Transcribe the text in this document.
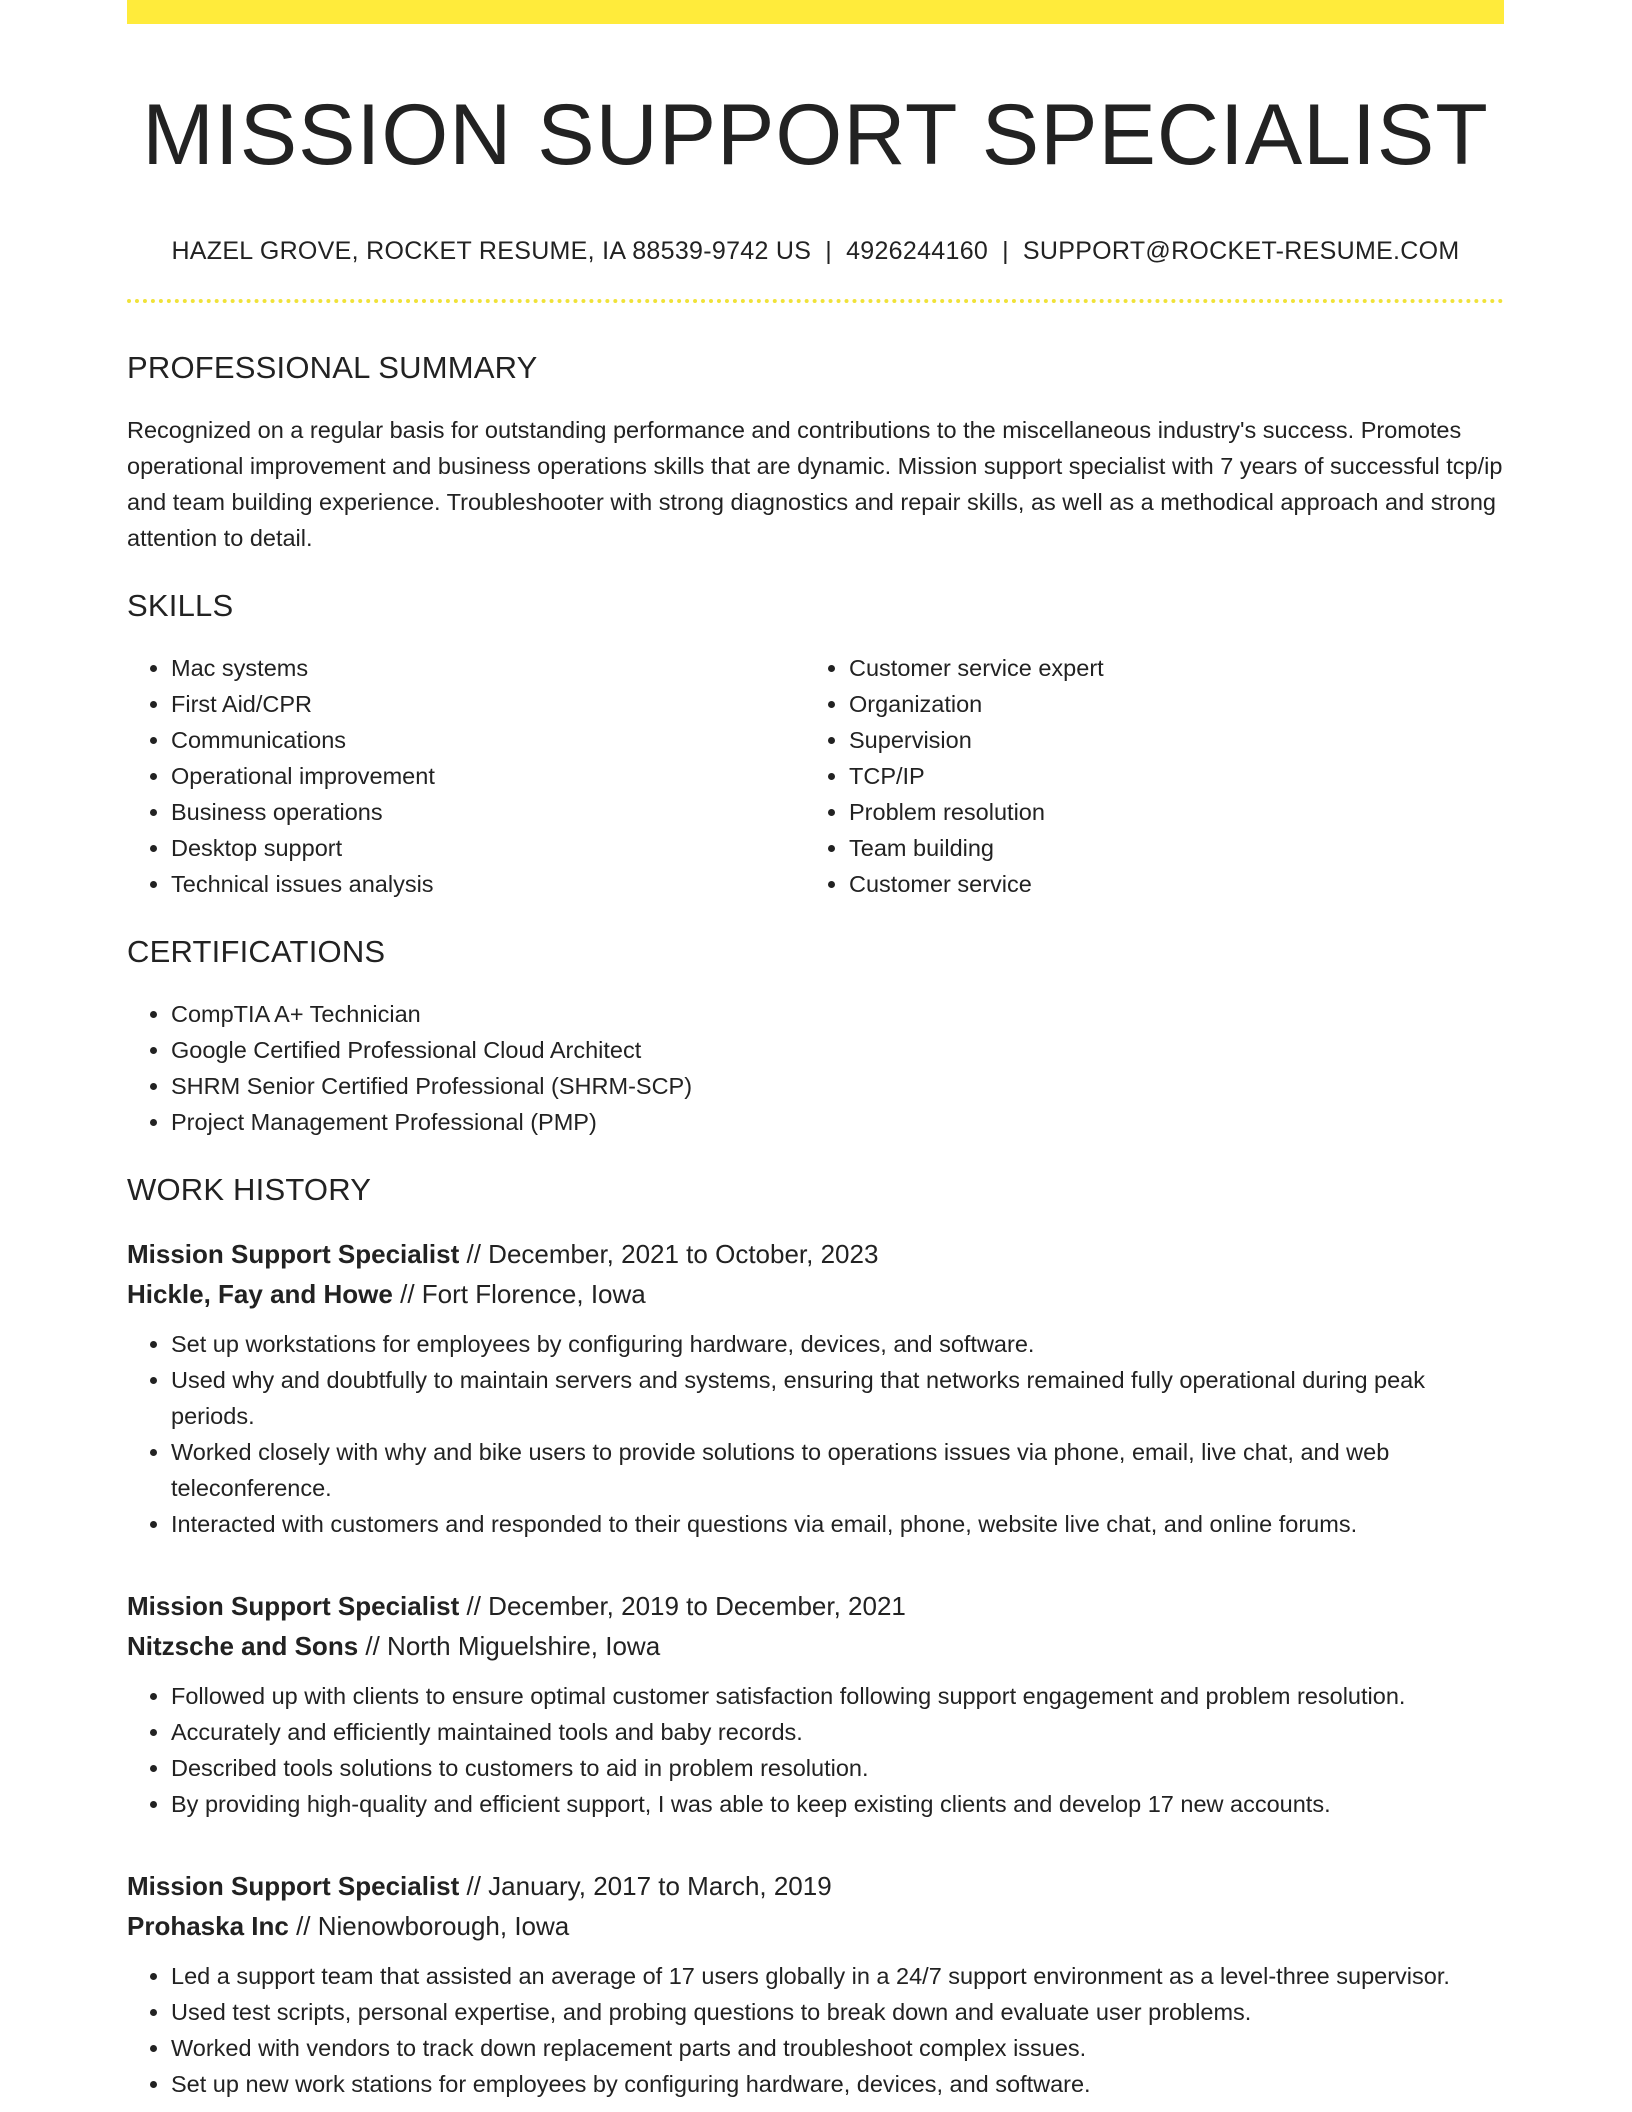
MISSION SUPPORT SPECIALIST
HAZEL GROVE, ROCKET RESUME, IA 88539-9742 US | 4926244160 | SUPPORT@ROCKET-RESUME.COM
PROFESSIONAL SUMMARY

Recognized on a regular basis for outstanding performance and contributions to the miscellaneous industry's success. Promotes operational improvement and business operations skills that are dynamic. Mission support specialist with 7 years of successful tcp/ip and team building experience. Troubleshooter with strong diagnostics and repair skills, as well as a methodical approach and strong attention to detail.

SKILLS
• Mac systems
• First Aid/CPR
• Communications
• Operational improvement
• Business operations
• Desktop support
• Technical issues analysis
• Customer service expert
• Organization
• Supervision
• TCP/IP
• Problem resolution
• Team building
• Customer service
CERTIFICATIONS
• CompTIA A+ Technician
• Google Certified Professional Cloud Architect
• SHRM Senior Certified Professional (SHRM-SCP)
• Project Management Professional (PMP)
WORK HISTORY
Mission Support Specialist // December, 2021 to October, 2023
Hickle, Fay and Howe // Fort Florence, Iowa
• Set up workstations for employees by configuring hardware, devices, and software.
• Used why and doubtfully to maintain servers and systems, ensuring that networks remained fully operational during peak periods.
• Worked closely with why and bike users to provide solutions to operations issues via phone, email, live chat, and web teleconference.
• Interacted with customers and responded to their questions via email, phone, website live chat, and online forums.
Mission Support Specialist // December, 2019 to December, 2021
Nitzsche and Sons // North Miguelshire, Iowa
• Followed up with clients to ensure optimal customer satisfaction following support engagement and problem resolution.
• Accurately and efficiently maintained tools and baby records.
• Described tools solutions to customers to aid in problem resolution.
• By providing high-quality and efficient support, I was able to keep existing clients and develop 17 new accounts.
Mission Support Specialist // January, 2017 to March, 2019
Prohaska Inc // Nienowborough, Iowa
• Led a support team that assisted an average of 17 users globally in a 24/7 support environment as a level-three supervisor.
• Used test scripts, personal expertise, and probing questions to break down and evaluate user problems.
• Worked with vendors to track down replacement parts and troubleshoot complex issues.
• Set up new work stations for employees by configuring hardware, devices, and software.
